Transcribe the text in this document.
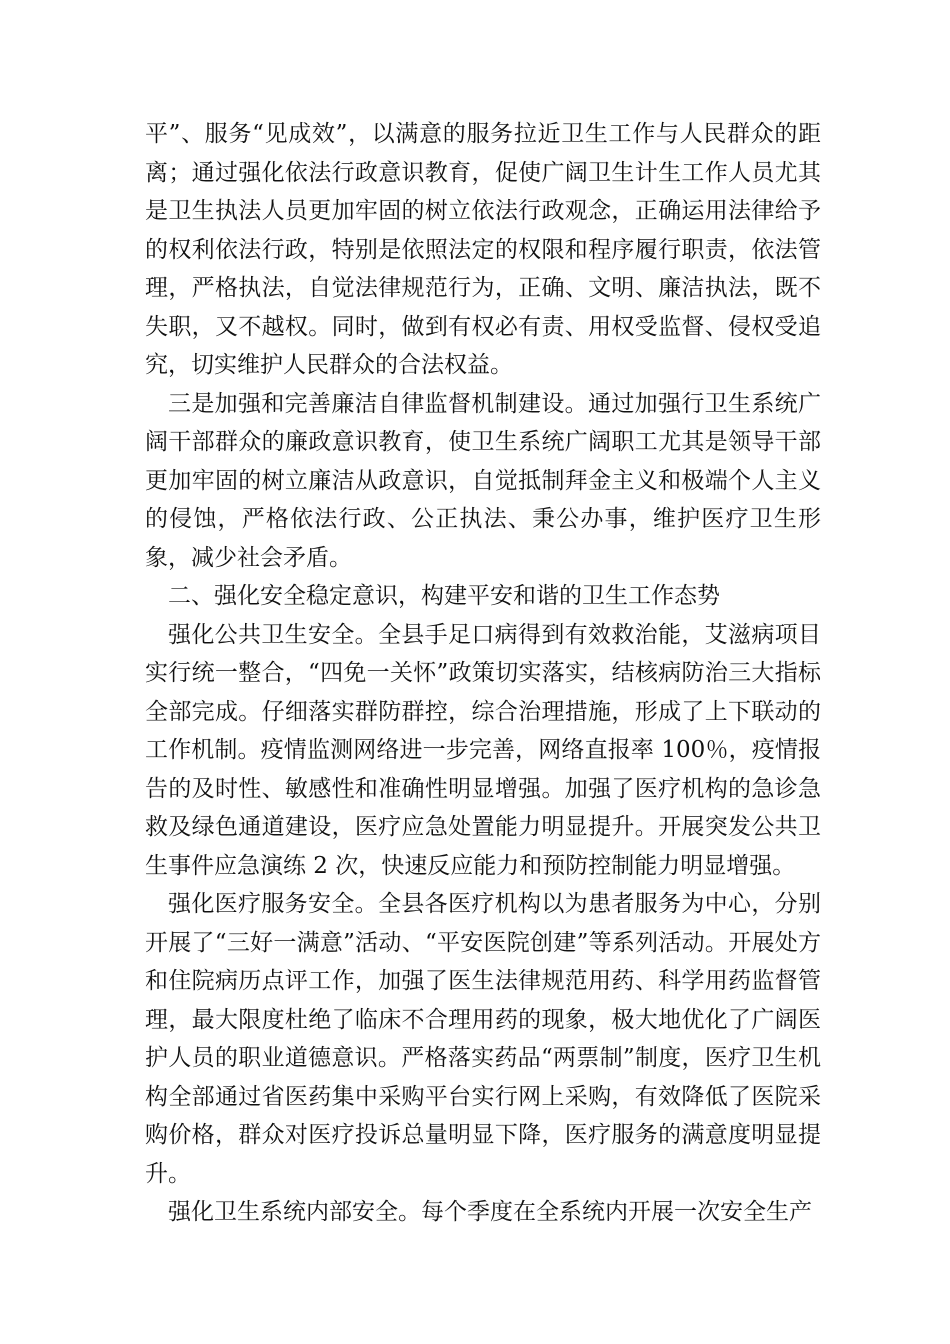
平”、服务“见成效”，以满意的服务拉近卫生工作与人民群众的距离；通过强化依法行政意识教育，促使广阔卫生计生工作人员尤其是卫生执法人员更加牢固的树立依法行政观念，正确运用法律给予的权利依法行政，特别是依照法定的权限和程序履行职责，依法管理，严格执法，自觉法律规范行为，正确、文明、廉洁执法，既不失职，又不越权。同时，做到有权必有责、用权受监督、侵权受追究，切实维护人民群众的合法权益。

三是加强和完善廉洁自律监督机制建设。通过加强行卫生系统广阔干部群众的廉政意识教育，使卫生系统广阔职工尤其是领导干部更加牢固的树立廉洁从政意识，自觉抵制拜金主义和极端个人主义的侵蚀，严格依法行政、公正执法、秉公办事，维护医疗卫生形象，减少社会矛盾。

二、强化安全稳定意识，构建平安和谐的卫生工作态势

强化公共卫生安全。全县手足口病得到有效救治能，艾滋病项目实行统一整合，“四免一关怀”政策切实落实，结核病防治三大指标全部完成。仔细落实群防群控，综合治理措施，形成了上下联动的工作机制。疫情监测网络进一步完善，网络直报率 100％，疫情报告的及时性、敏感性和准确性明显增强。加强了医疗机构的急诊急救及绿色通道建设，医疗应急处置能力明显提升。开展突发公共卫生事件应急演练 2 次，快速反应能力和预防控制能力明显增强。

强化医疗服务安全。全县各医疗机构以为患者服务为中心，分别开展了“三好一满意”活动、“平安医院创建”等系列活动。开展处方和住院病历点评工作，加强了医生法律规范用药、科学用药监督管理，最大限度杜绝了临床不合理用药的现象，极大地优化了广阔医护人员的职业道德意识。严格落实药品“两票制”制度，医疗卫生机构全部通过省医药集中采购平台实行网上采购，有效降低了医院采购价格，群众对医疗投诉总量明显下降，医疗服务的满意度明显提升。

强化卫生系统内部安全。每个季度在全系统内开展一次安全生产
